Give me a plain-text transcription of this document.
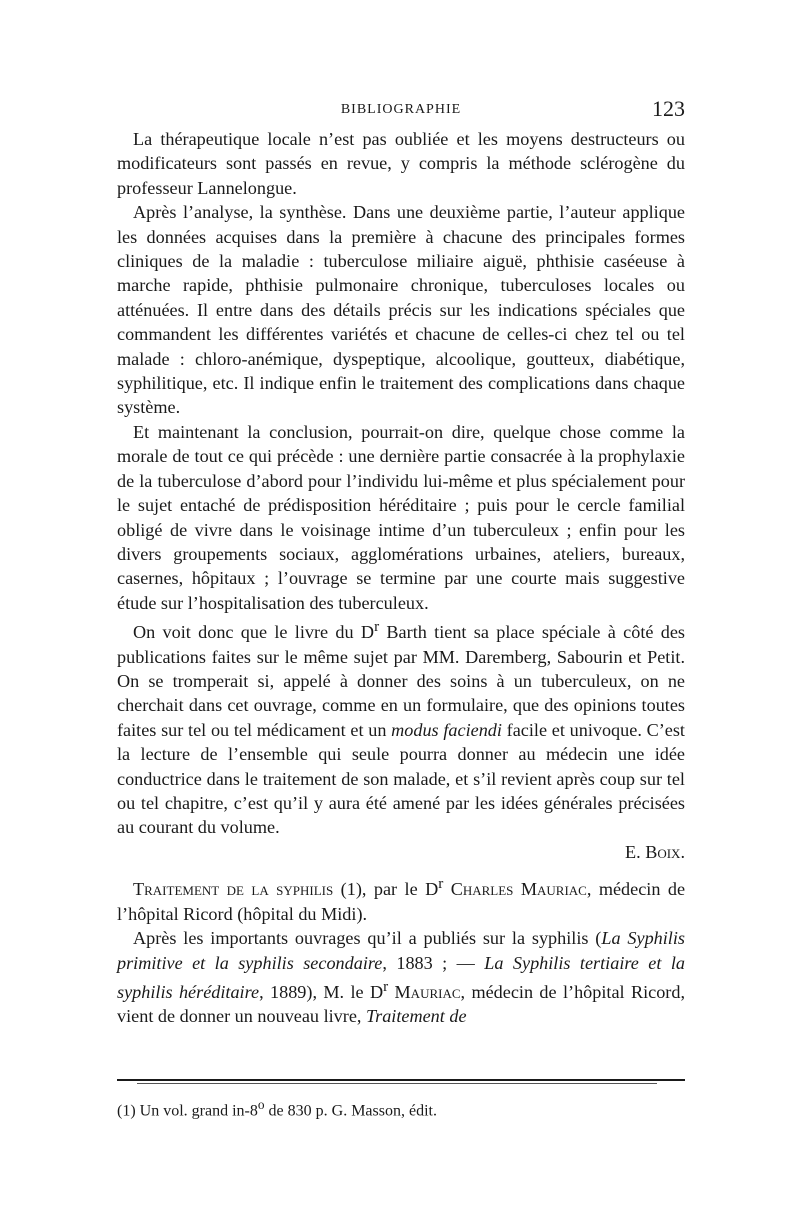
BIBLIOGRAPHIE	123

La thérapeutique locale n’est pas oubliée et les moyens destructeurs ou modificateurs sont passés en revue, y compris la méthode sclérogène du professeur Lannelongue.

Après l’analyse, la synthèse. Dans une deuxième partie, l’auteur applique les données acquises dans la première à chacune des principales formes cliniques de la maladie : tuberculose miliaire aiguë, phthisie caséeuse à marche rapide, phthisie pulmonaire chronique, tuberculoses locales ou atténuées. Il entre dans des détails précis sur les indications spéciales que commandent les différentes variétés et chacune de celles-ci chez tel ou tel malade : chloro-anémique, dyspeptique, alcoolique, goutteux, diabétique, syphilitique, etc. Il indique enfin le traitement des complications dans chaque système.

Et maintenant la conclusion, pourrait-on dire, quelque chose comme la morale de tout ce qui précède : une dernière partie consacrée à la prophylaxie de la tuberculose d’abord pour l’individu lui-même et plus spécialement pour le sujet entaché de prédisposition héréditaire ; puis pour le cercle familial obligé de vivre dans le voisinage intime d’un tuberculeux ; enfin pour les divers groupements sociaux, agglomérations urbaines, ateliers, bureaux, casernes, hôpitaux ; l’ouvrage se termine par une courte mais suggestive étude sur l’hospitalisation des tuberculeux.

On voit donc que le livre du $D^r$ Barth tient sa place spéciale à côté des publications faites sur le même sujet par MM. Daremberg, Sabourin et Petit. On se tromperait si, appelé à donner des soins à un tuberculeux, on ne cherchait dans cet ouvrage, comme en un formulaire, que des opinions toutes faites sur tel ou tel médicament et un modus faciendi facile et univoque. C’est la lecture de l’ensemble qui seule pourra donner au médecin une idée conductrice dans le traitement de son malade, et s’il revient après coup sur tel ou tel chapitre, c’est qu’il y aura été amené par les idées générales précisées au courant du volume.

E. Boix.

Traitement de la syphilis (1), par le $D^r$ Charles Mauriac, médecin de l’hôpital Ricord (hôpital du Midi).

Après les importants ouvrages qu’il a publiés sur la syphilis (La Syphilis primitive et la syphilis secondaire, 1883 ; — La Syphilis tertiaire et la syphilis héréditaire, 1889), M. le $D^r$ Mauriac, médecin de l’hôpital Ricord, vient de donner un nouveau livre, Traitement de

(1) Un vol. grand in-8$^o$ de 830 p. G. Masson, édit.
